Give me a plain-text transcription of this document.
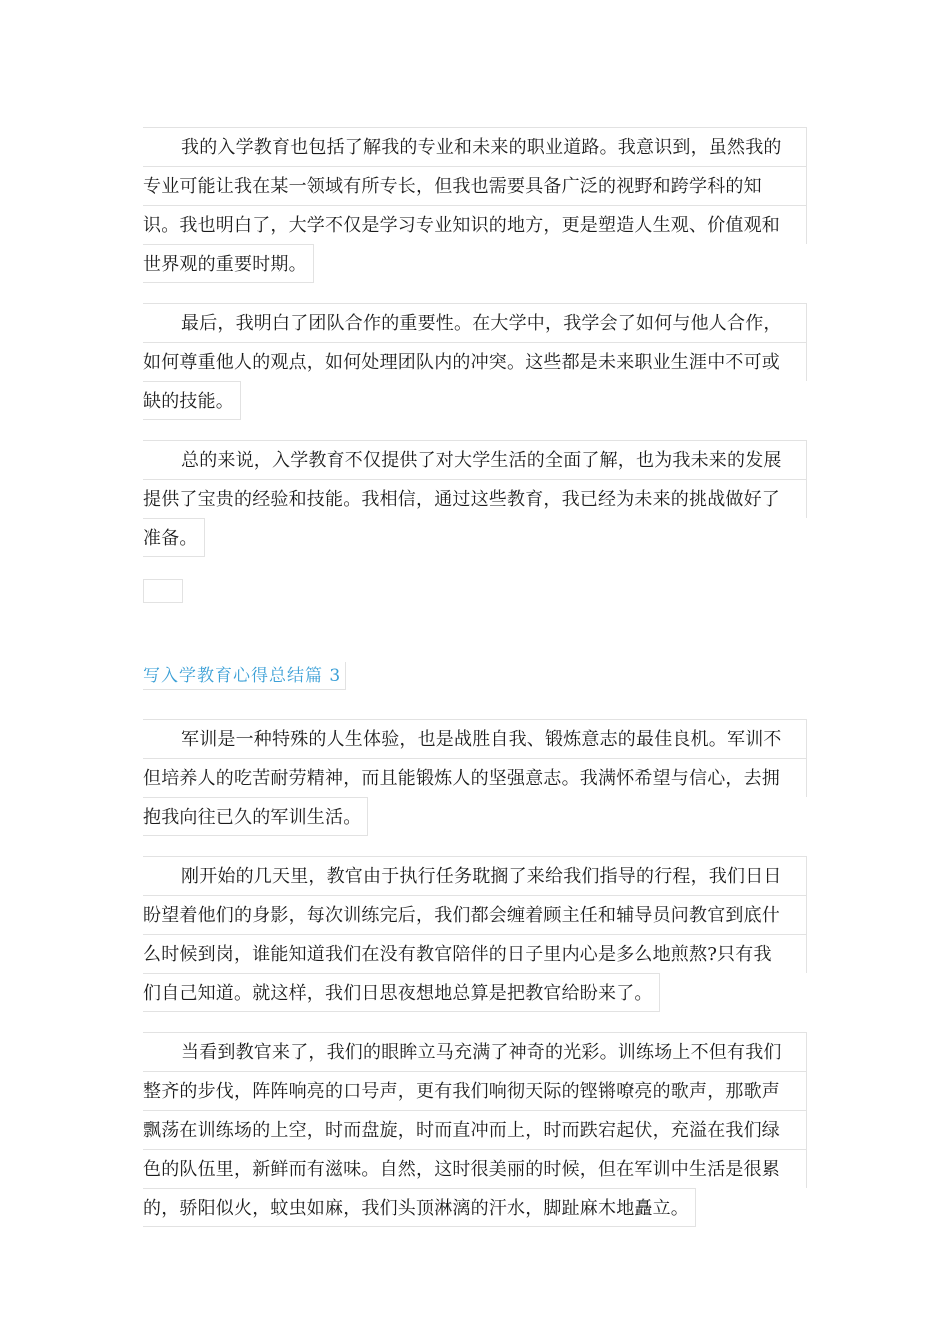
我的入学教育也包括了解我的专业和未来的职业道路。我意识到，虽然我的
专业可能让我在某一领域有所专长，但我也需要具备广泛的视野和跨学科的知
识。我也明白了，大学不仅是学习专业知识的地方，更是塑造人生观、价值观和
世界观的重要时期。
最后，我明白了团队合作的重要性。在大学中，我学会了如何与他人合作，
如何尊重他人的观点，如何处理团队内的冲突。这些都是未来职业生涯中不可或
缺的技能。
总的来说，入学教育不仅提供了对大学生活的全面了解，也为我未来的发展
提供了宝贵的经验和技能。我相信，通过这些教育，我已经为未来的挑战做好了
准备。
写入学教育心得总结篇 3
军训是一种特殊的人生体验，也是战胜自我、锻炼意志的最佳良机。军训不
但培养人的吃苦耐劳精神，而且能锻炼人的坚强意志。我满怀希望与信心，去拥
抱我向往已久的军训生活。
刚开始的几天里，教官由于执行任务耽搁了来给我们指导的行程，我们日日
盼望着他们的身影，每次训练完后，我们都会缠着顾主任和辅导员问教官到底什
么时候到岗，谁能知道我们在没有教官陪伴的日子里内心是多么地煎熬?只有我
们自己知道。就这样，我们日思夜想地总算是把教官给盼来了。
当看到教官来了，我们的眼眸立马充满了神奇的光彩。训练场上不但有我们
整齐的步伐，阵阵响亮的口号声，更有我们响彻天际的铿锵嘹亮的歌声，那歌声
飘荡在训练场的上空，时而盘旋，时而直冲而上，时而跌宕起伏，充溢在我们绿
色的队伍里，新鲜而有滋味。自然，这时很美丽的时候，但在军训中生活是很累
的，骄阳似火，蚊虫如麻，我们头顶淋漓的汗水，脚趾麻木地矗立。
